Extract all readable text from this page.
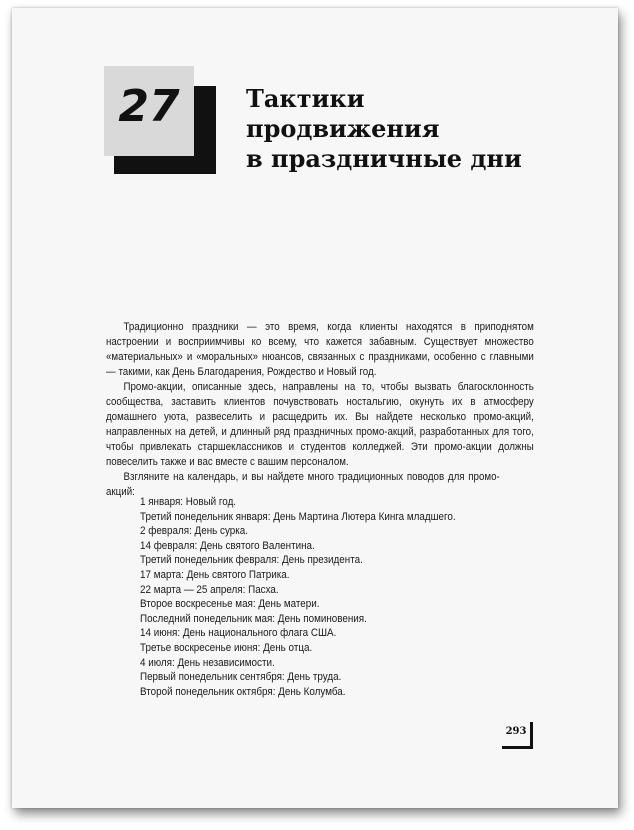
27	Тактики
продвижения
в праздничные дни

Традиционно праздники — это время, когда клиенты находятся в приподнятом настроении и восприимчивы ко всему, что кажется забавным. Существует множество «материальных» и «моральных» нюансов, связанных с праздниками, особенно с главными — такими, как День Благодарения, Рождество и Новый год.

Промо-акции, описанные здесь, направлены на то, чтобы вызвать благосклонность сообщества, заставить клиентов почувствовать ностальгию, окунуть их в атмосферу домашнего уюта, развеселить и расщедрить их. Вы найдете несколько промо-акций, направленных на детей, и длинный ряд праздничных промо-акций, разработанных для того, чтобы привлекать старшеклассников и студентов колледжей. Эти промо-акции должны повеселить также и вас вместе с вашим персоналом.

Взгляните на календарь, и вы найдете много традиционных поводов для промо-акций:

1 января: Новый год.
Третий понедельник января: День Мартина Лютера Кинга младшего.
2 февраля: День сурка.
14 февраля: День святого Валентина.
Третий понедельник февраля: День президента.
17 марта: День святого Патрика.
22 марта — 25 апреля: Пасха.
Второе воскресенье мая: День матери.
Последний понедельник мая: День поминовения.
14 июня: День национального флага США.
Третье воскресенье июня: День отца.
4 июля: День независимости.
Первый понедельник сентября: День труда.
Второй понедельник октября: День Колумба.
293
